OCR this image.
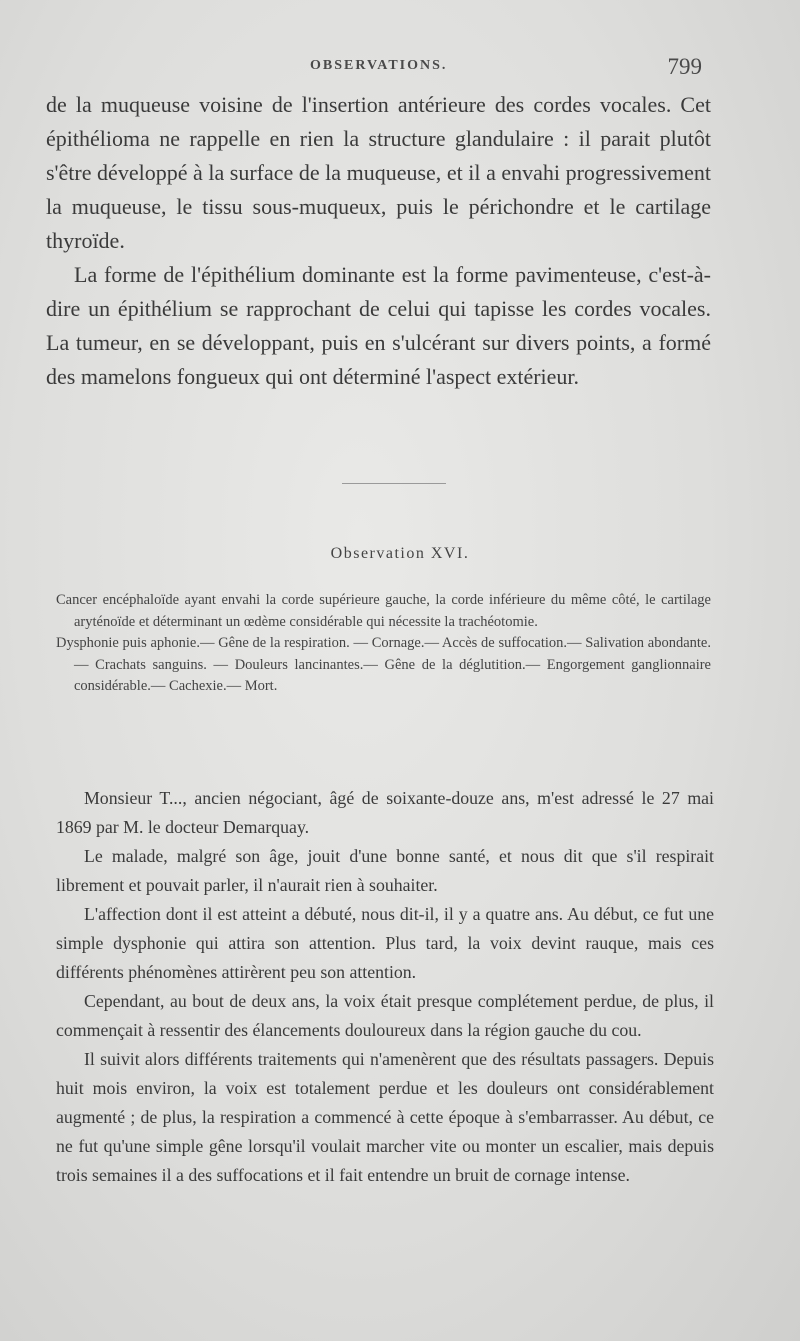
OBSERVATIONS.	799

de la muqueuse voisine de l'insertion antérieure des cordes vocales. Cet épithélioma ne rappelle en rien la structure glandulaire : il parait plutôt s'être développé à la surface de la muqueuse, et il a envahi progressivement la muqueuse, le tissu sous-muqueux, puis le périchondre et le cartilage thyroïde.

La forme de l'épithélium dominante est la forme pavimenteuse, c'est-à-dire un épithélium se rapprochant de celui qui tapisse les cordes vocales. La tumeur, en se développant, puis en s'ulcérant sur divers points, a formé des mamelons fongueux qui ont déterminé l'aspect extérieur.

Observation XVI.

Cancer encéphaloïde ayant envahi la corde supérieure gauche, la corde inférieure du même côté, le cartilage aryténoïde et déterminant un œdème considérable qui nécessite la trachéotomie.

Dysphonie puis aphonie.— Gêne de la respiration. — Cornage.— Accès de suffocation.— Salivation abondante.— Crachats sanguins. — Douleurs lancinantes.— Gêne de la déglutition.— Engorgement ganglionnaire considérable.— Cachexie.— Mort.

Monsieur T..., ancien négociant, âgé de soixante-douze ans, m'est adressé le 27 mai 1869 par M. le docteur Demarquay.

Le malade, malgré son âge, jouit d'une bonne santé, et nous dit que s'il respirait librement et pouvait parler, il n'aurait rien à souhaiter.

L'affection dont il est atteint a débuté, nous dit-il, il y a quatre ans. Au début, ce fut une simple dysphonie qui attira son attention. Plus tard, la voix devint rauque, mais ces différents phénomènes attirèrent peu son attention.

Cependant, au bout de deux ans, la voix était presque complétement perdue, de plus, il commençait à ressentir des élancements douloureux dans la région gauche du cou.

Il suivit alors différents traitements qui n'amenèrent que des résultats passagers. Depuis huit mois environ, la voix est totalement perdue et les douleurs ont considérablement augmenté ; de plus, la respiration a commencé à cette époque à s'embarrasser. Au début, ce ne fut qu'une simple gêne lorsqu'il voulait marcher vite ou monter un escalier, mais depuis trois semaines il a des suffocations et il fait entendre un bruit de cornage intense.
